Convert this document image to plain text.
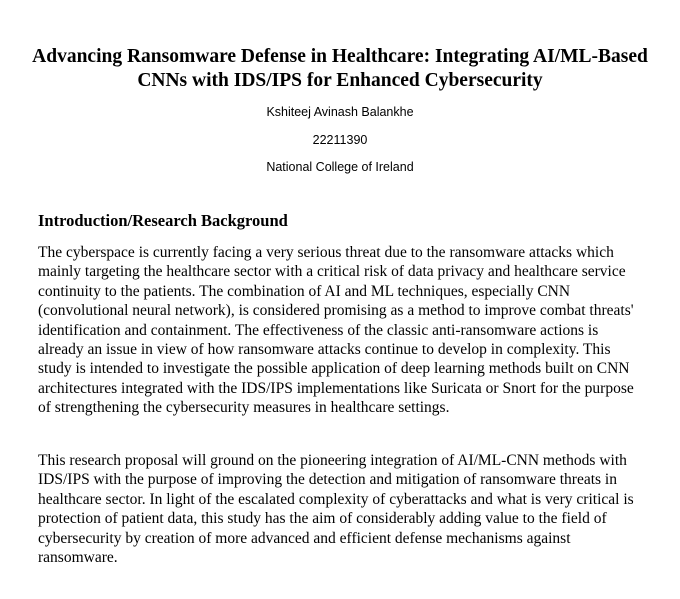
Advancing Ransomware Defense in Healthcare: Integrating AI/ML-Based CNNs with IDS/IPS for Enhanced Cybersecurity
Kshiteej Avinash Balankhe
22211390
National College of Ireland
Introduction/Research Background

The cyberspace is currently facing a very serious threat due to the ransomware attacks which mainly targeting the healthcare sector with a critical risk of data privacy and healthcare service continuity to the patients. The combination of AI and ML techniques, especially CNN (convolutional neural network), is considered promising as a method to improve combat threats' identification and containment. The effectiveness of the classic anti-ransomware actions is already an issue in view of how ransomware attacks continue to develop in complexity. This study is intended to investigate the possible application of deep learning methods built on CNN architectures integrated with the IDS/IPS implementations like Suricata or Snort for the purpose of strengthening the cybersecurity measures in healthcare settings.

This research proposal will ground on the pioneering integration of AI/ML-CNN methods with IDS/IPS with the purpose of improving the detection and mitigation of ransomware threats in healthcare sector. In light of the escalated complexity of cyberattacks and what is very critical is protection of patient data, this study has the aim of considerably adding value to the field of cybersecurity by creation of more advanced and efficient defense mechanisms against ransomware.
